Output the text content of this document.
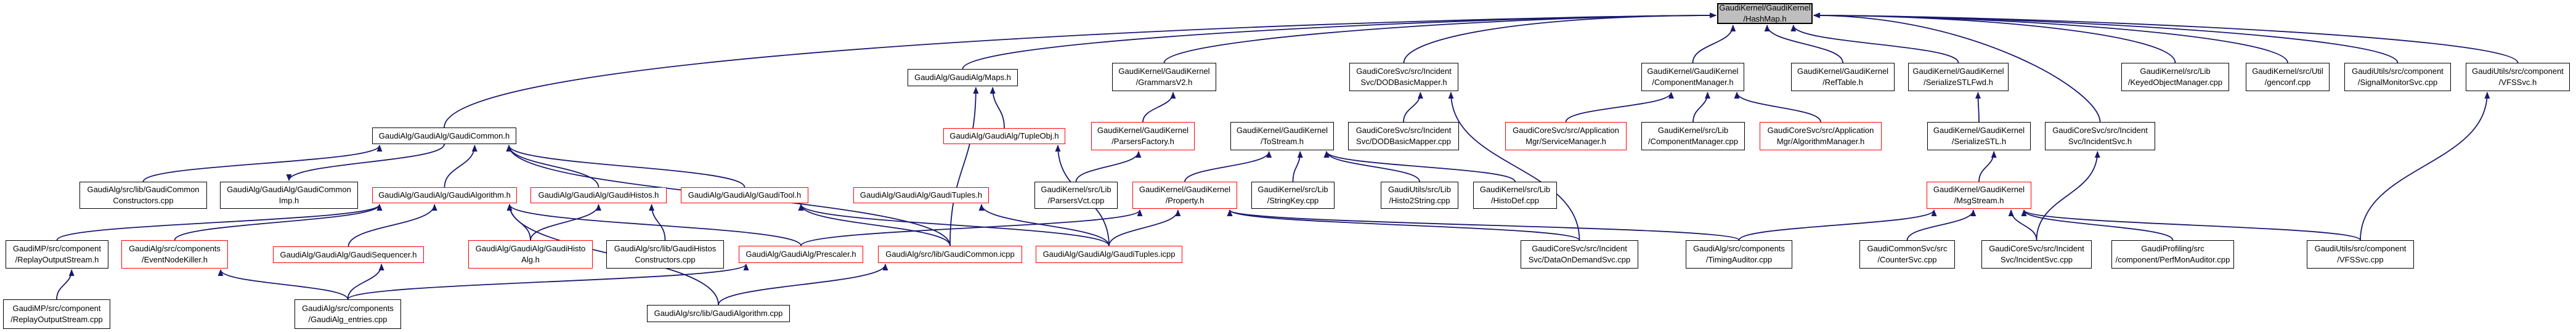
GaudiKernel/GaudiKernel
/HashMap.h
GaudiAlg/GaudiAlg/Maps.h
GaudiKernel/GaudiKernel
/GrammarsV2.h
GaudiCoreSvc/src/Incident
Svc/DODBasicMapper.h
GaudiKernel/GaudiKernel
/ComponentManager.h
GaudiKernel/GaudiKernel
/RefTable.h
GaudiKernel/GaudiKernel
/SerializeSTLFwd.h
GaudiKernel/src/Lib
/KeyedObjectManager.cpp
GaudiKernel/src/Util
/genconf.cpp
GaudiUtils/src/component
/SignalMonitorSvc.cpp
GaudiUtils/src/component
/VFSSvc.h
GaudiAlg/GaudiAlg/GaudiCommon.h	GaudiAlg/GaudiAlg/TupleObj.h
GaudiKernel/GaudiKernel
/ParsersFactory.h
GaudiKernel/GaudiKernel
/ToStream.h
GaudiCoreSvc/src/Incident
Svc/DODBasicMapper.cpp
GaudiCoreSvc/src/Application
Mgr/ServiceManager.h
GaudiKernel/src/Lib
/ComponentManager.cpp
GaudiCoreSvc/src/Application
Mgr/AlgorithmManager.h
GaudiKernel/GaudiKernel
/SerializeSTL.h
GaudiCoreSvc/src/Incident
Svc/IncidentSvc.h
GaudiAlg/src/lib/GaudiCommon
Constructors.cpp
GaudiAlg/GaudiAlg/GaudiCommon
Imp.h
GaudiAlg/GaudiAlg/GaudiAlgorithm.h	GaudiAlg/GaudiAlg/GaudiHistos.h	GaudiAlg/GaudiAlg/GaudiTool.h	GaudiAlg/GaudiAlg/GaudiTuples.h
GaudiKernel/src/Lib
/ParsersVct.cpp
GaudiKernel/GaudiKernel
/Property.h
GaudiKernel/src/Lib
/StringKey.cpp
GaudiUtils/src/Lib
/Histo2String.cpp
GaudiKernel/src/Lib
/HistoDef.cpp
GaudiKernel/GaudiKernel
/MsgStream.h
GaudiMP/src/component
/ReplayOutputStream.h
GaudiAlg/src/components
/EventNodeKiller.h
GaudiAlg/GaudiAlg/GaudiSequencer.h
GaudiAlg/GaudiAlg/GaudiHisto
Alg.h
GaudiAlg/src/lib/GaudiHistos
Constructors.cpp
GaudiAlg/GaudiAlg/Prescaler.h	GaudiAlg/src/lib/GaudiCommon.icpp	GaudiAlg/GaudiAlg/GaudiTuples.icpp
GaudiCoreSvc/src/Incident
Svc/DataOnDemandSvc.cpp
GaudiAlg/src/components
/TimingAuditor.cpp
GaudiCommonSvc/src
/CounterSvc.cpp
GaudiCoreSvc/src/Incident
Svc/IncidentSvc.cpp
GaudiProfiling/src
/component/PerfMonAuditor.cpp
GaudiUtils/src/component
/VFSSvc.cpp
GaudiMP/src/component
/ReplayOutputStream.cpp
GaudiAlg/src/components
/GaudiAlg_entries.cpp
GaudiAlg/src/lib/GaudiAlgorithm.cpp
